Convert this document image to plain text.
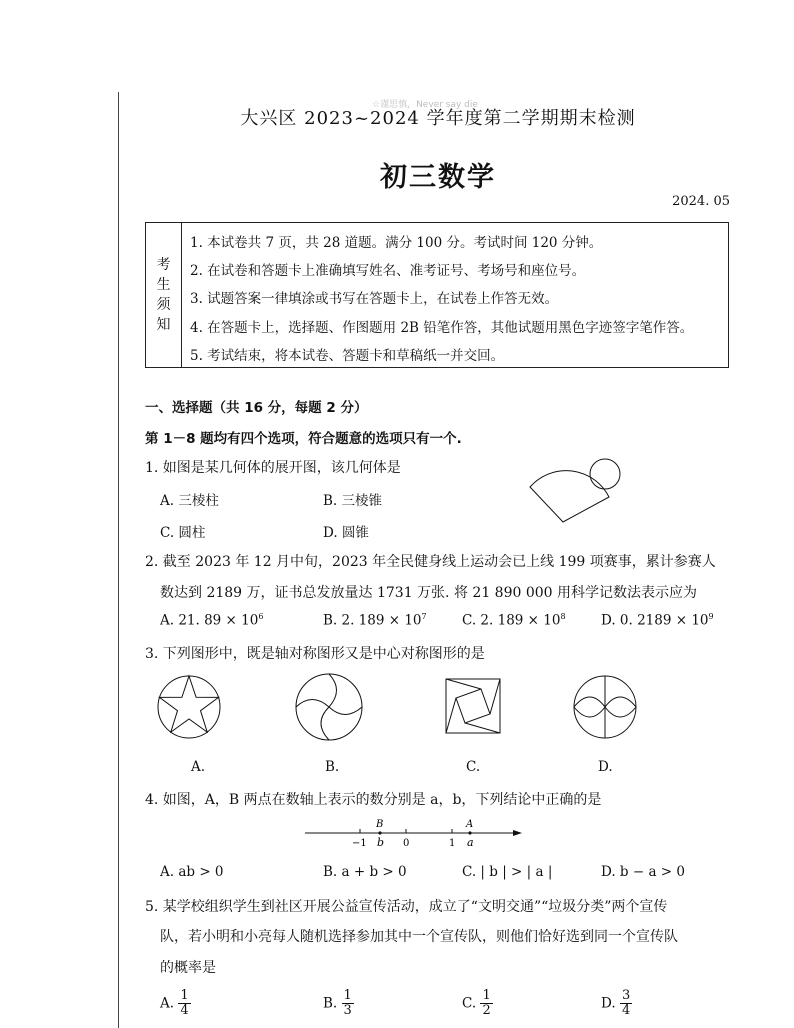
☆谨思慎，Never say die
大兴区 2023~2024 学年度第二学期期末检测
初三数学
2024. 05
考生须知
1. 本试卷共 7 页，共 28 道题。满分 100 分。考试时间 120 分钟。
2. 在试卷和答题卡上准确填写姓名、准考证号、考场号和座位号。
3. 试题答案一律填涂或书写在答题卡上，在试卷上作答无效。
4. 在答题卡上，选择题、作图题用 2B 铅笔作答，其他试题用黑色字迹签字笔作答。
5. 考试结束，将本试卷、答题卡和草稿纸一并交回。
一、选择题（共 16 分，每题 2 分）
第 1－8 题均有四个选项，符合题意的选项只有一个.
1. 如图是某几何体的展开图，该几何体是
A. 三棱柱	B. 三棱锥
C. 圆柱	D. 圆锥
2. 截至 2023 年 12 月中旬，2023 年全民健身线上运动会已上线 199 项赛事，累计参赛人
数达到 2189 万，证书总发放量达 1731 万张. 将 21 890 000 用科学记数法表示应为
A. 21. $89 \times 10^6$	B. 2. $189 \times 10^7$	C. 2. $189 \times 10^8$	D. 0. $2189 \times 10^9$
3. 下列图形中，既是轴对称图形又是中心对称图形的是
A.	B.	C.	D.
4. 如图，A，B 两点在数轴上表示的数分别是 a，b，下列结论中正确的是
B	A
−1	0	1
b	a
A. ab > 0	B. a + b > 0	C. | b | > | a |	D. b − a > 0
5. 某学校组织学生到社区开展公益宣传活动，成立了“文明交通”“垃圾分类”两个宣传
队，若小明和小亮每人随机选择参加其中一个宣传队，则他们恰好选到同一个宣传队
的概率是
A. $\frac{1}{4}$	B. $\frac{1}{3}$	C. $\frac{1}{2}$	D. $\frac{3}{4}$
